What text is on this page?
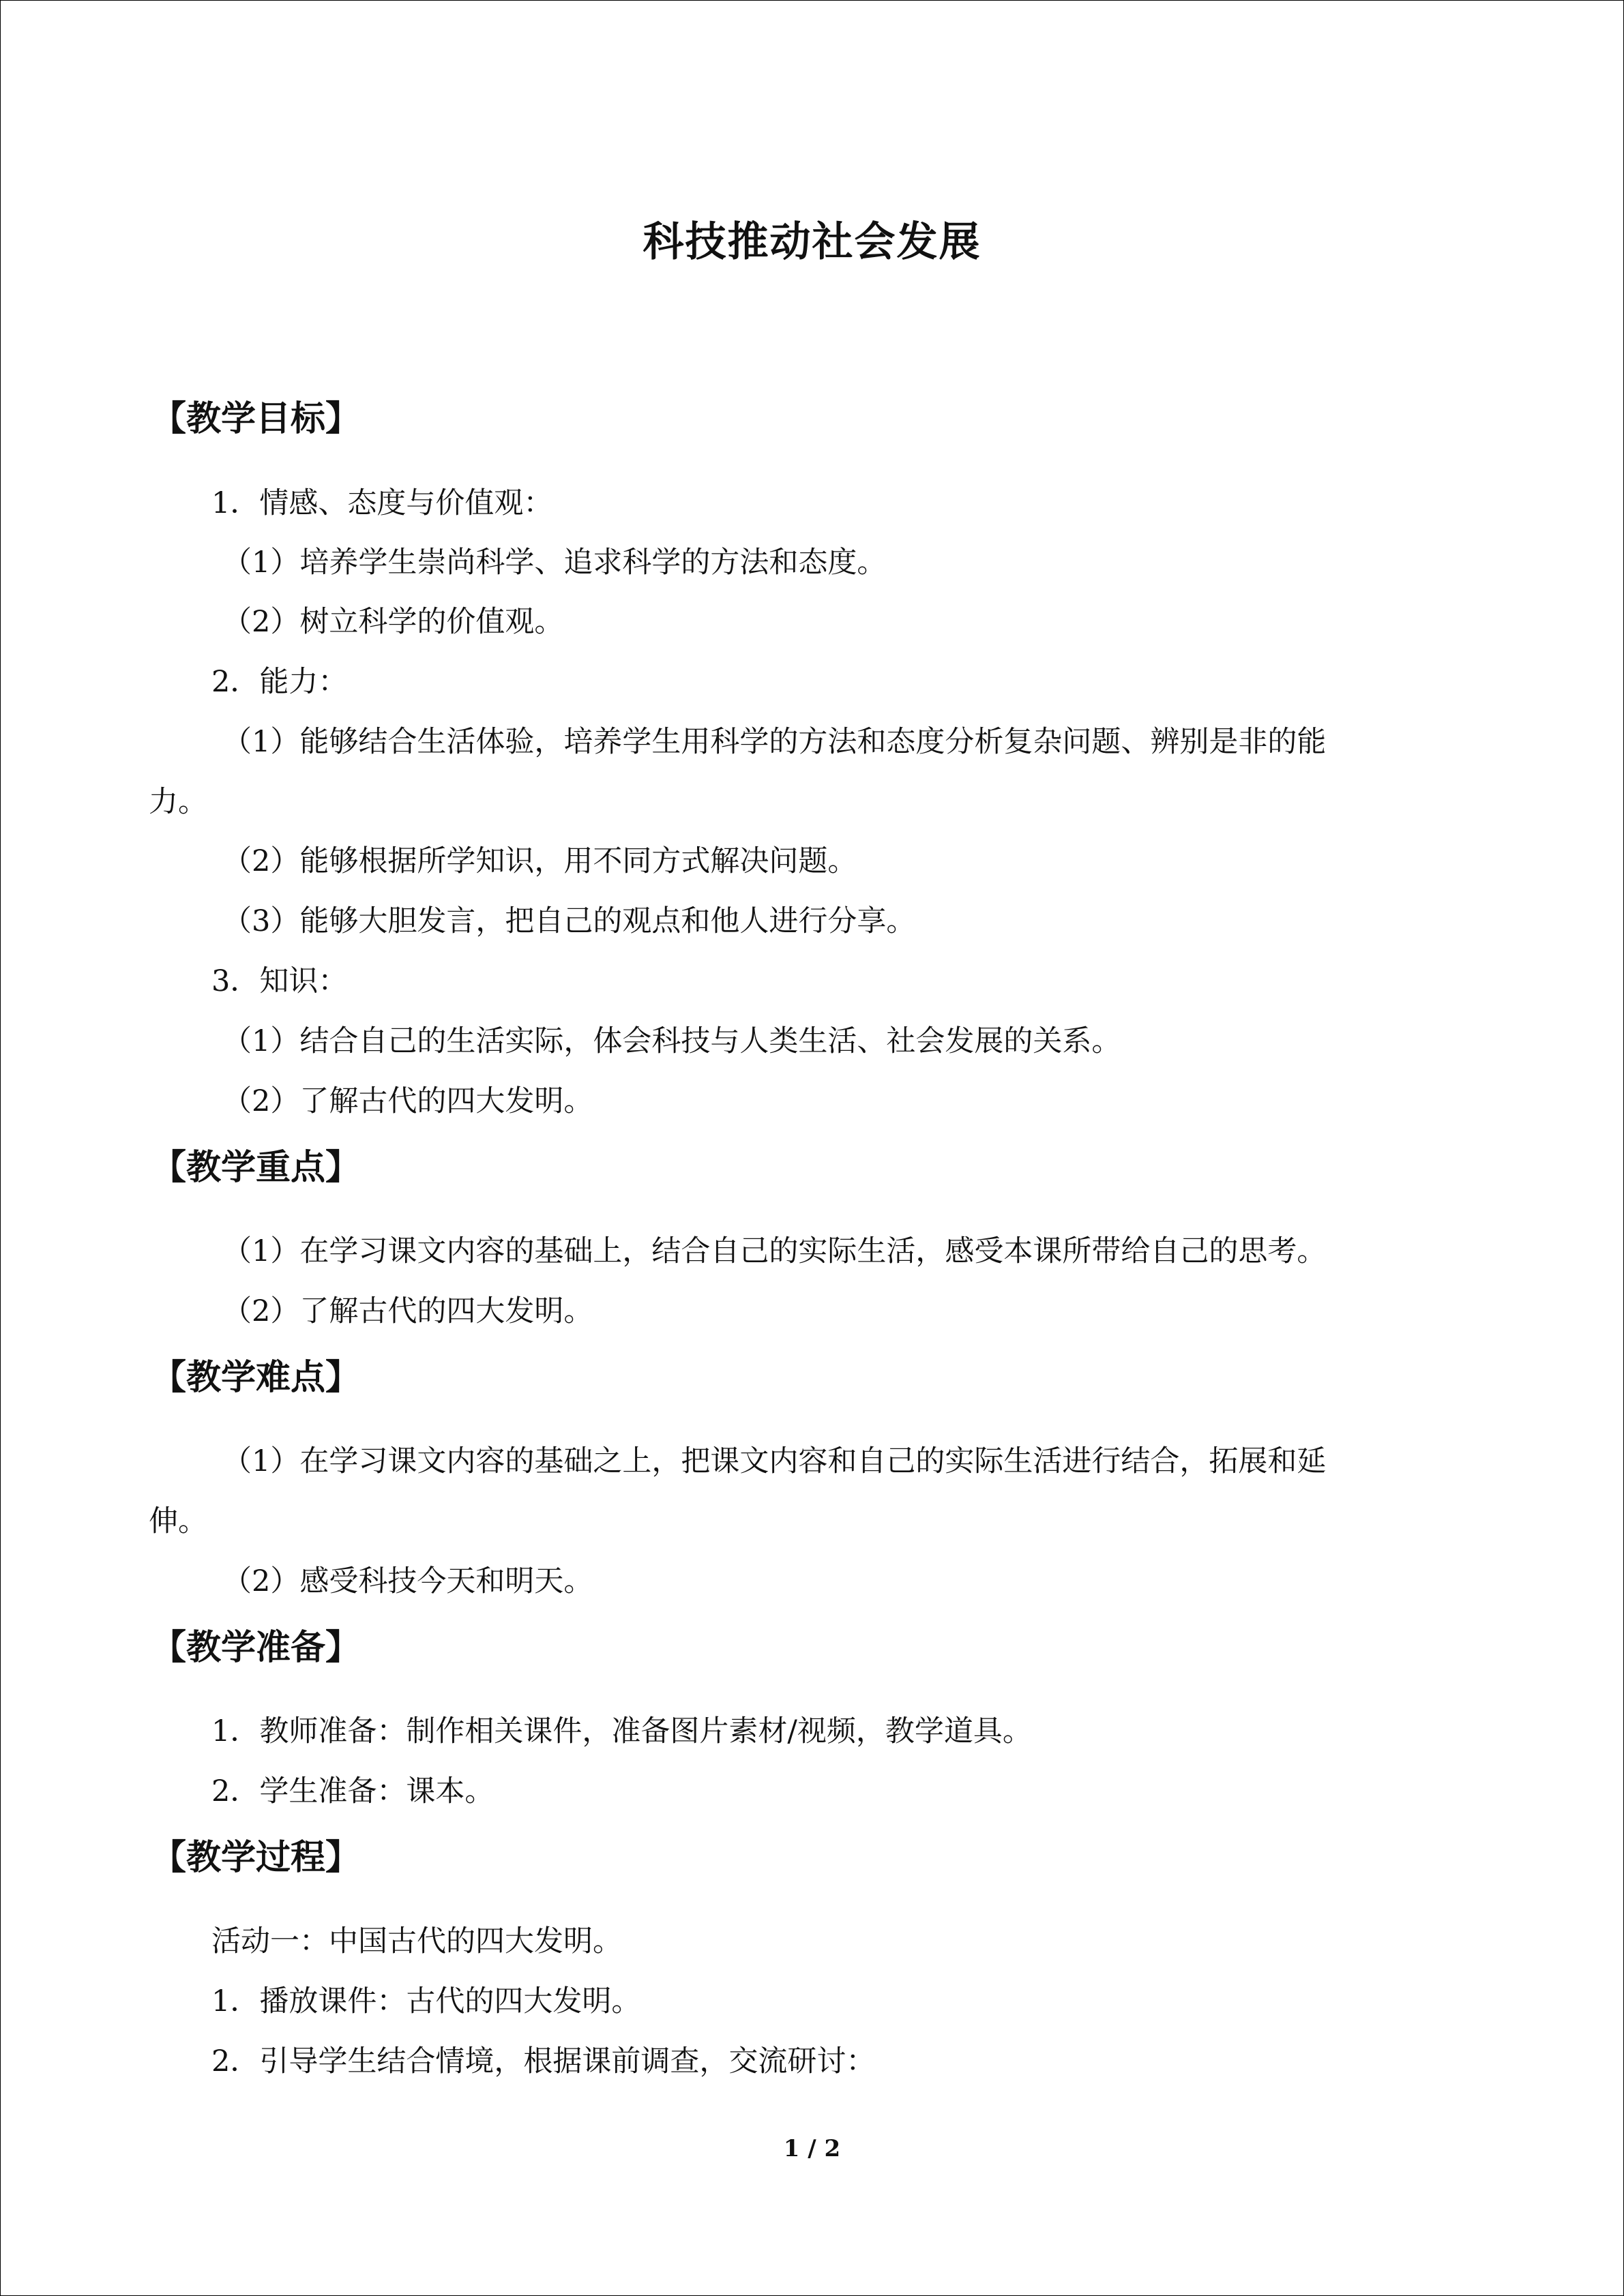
科技推动社会发展
【教学目标】
1．情感、态度与价值观：
（1）培养学生崇尚科学、追求科学的方法和态度。
（2）树立科学的价值观。
2．能力：
（1）能够结合生活体验，培养学生用科学的方法和态度分析复杂问题、辨别是非的能
力。
（2）能够根据所学知识，用不同方式解决问题。
（3）能够大胆发言，把自己的观点和他人进行分享。
3．知识：
（1）结合自己的生活实际，体会科技与人类生活、社会发展的关系。
（2）了解古代的四大发明。
【教学重点】
（1）在学习课文内容的基础上，结合自己的实际生活，感受本课所带给自己的思考。
（2）了解古代的四大发明。
【教学难点】
（1）在学习课文内容的基础之上，把课文内容和自己的实际生活进行结合，拓展和延
伸。
（2）感受科技今天和明天。
【教学准备】
1．教师准备：制作相关课件，准备图片素材/视频，教学道具。
2．学生准备：课本。
【教学过程】
活动一：中国古代的四大发明。
1．播放课件：古代的四大发明。
2．引导学生结合情境，根据课前调查，交流研讨：
1 / 2
